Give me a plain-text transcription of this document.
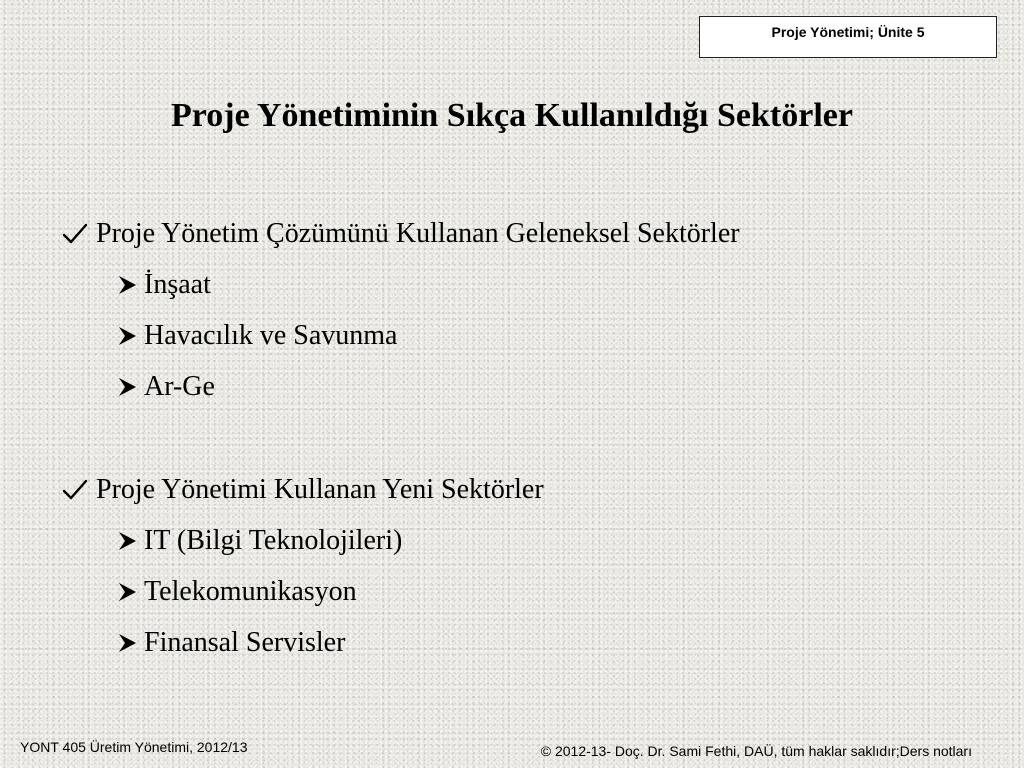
Proje Yönetimi; Ünite 5
Proje Yönetiminin Sıkça Kullanıldığı Sektörler
Proje Yönetim Çözümünü Kullanan Geleneksel Sektörler
İnşaat
Havacılık ve Savunma
Ar-Ge
Proje Yönetimi Kullanan Yeni Sektörler
IT (Bilgi Teknolojileri)
Telekomunikasyon
Finansal Servisler
YONT 405 Üretim Yönetimi, 2012/13	© 2012-13- Doç. Dr. Sami Fethi, DAÜ, tüm haklar saklıdır;Ders notları
